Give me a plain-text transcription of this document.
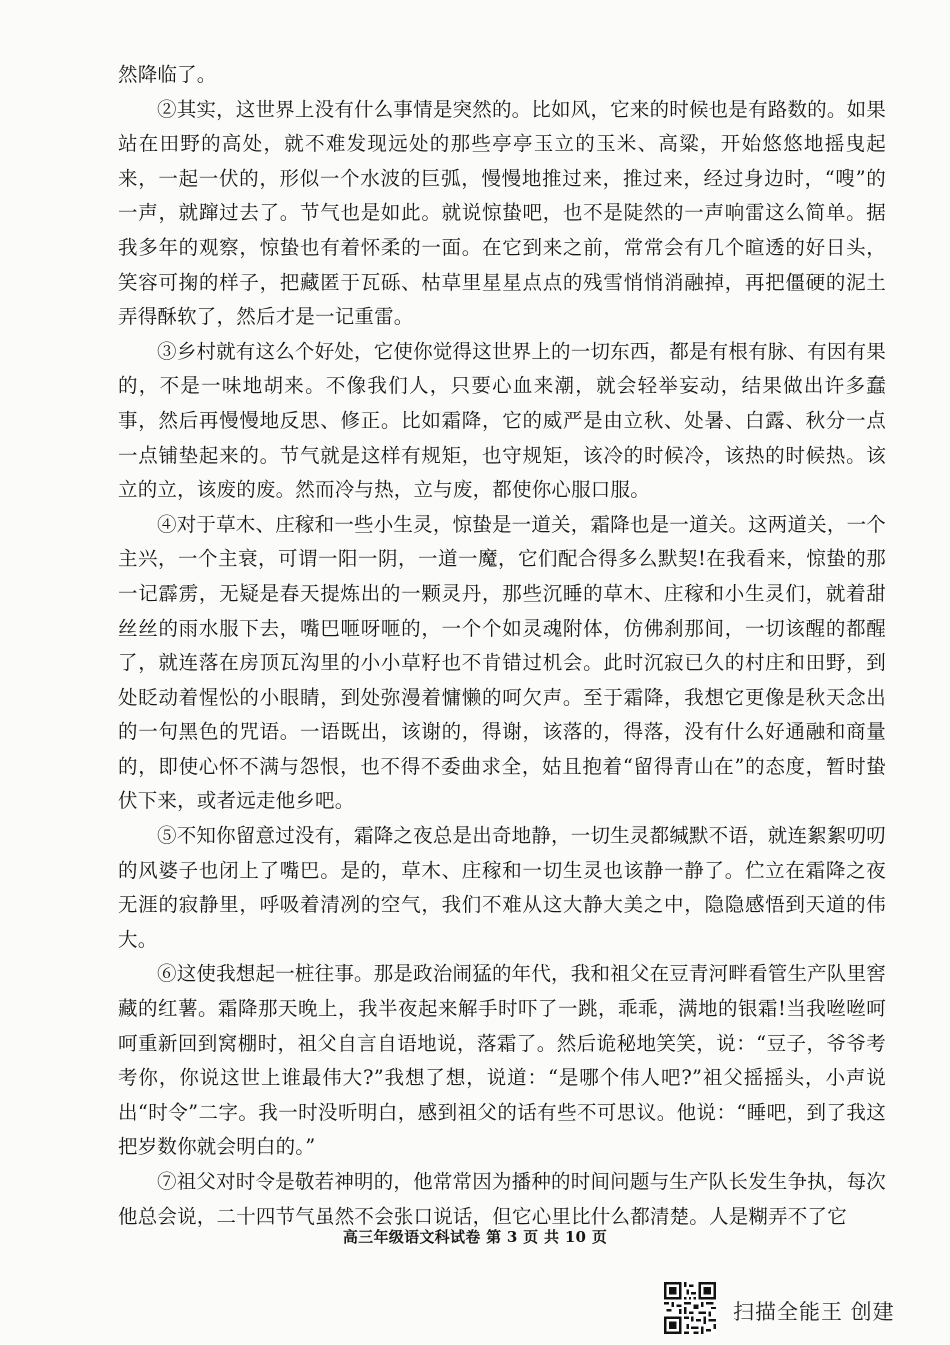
然降临了。

②其实，这世界上没有什么事情是突然的。比如风，它来的时候也是有路数的。如果站在田野的高处，就不难发现远处的那些亭亭玉立的玉米、高粱，开始悠悠地摇曳起来，一起一伏的，形似一个水波的巨弧，慢慢地推过来，推过来，经过身边时，“嗖”的一声，就蹿过去了。节气也是如此。就说惊蛰吧，也不是陡然的一声响雷这么简单。据我多年的观察，惊蛰也有着怀柔的一面。在它到来之前，常常会有几个暄透的好日头，笑容可掬的样子，把藏匿于瓦砾、枯草里星星点点的残雪悄悄消融掉，再把僵硬的泥土弄得酥软了，然后才是一记重雷。

③乡村就有这么个好处，它使你觉得这世界上的一切东西，都是有根有脉、有因有果的，不是一味地胡来。不像我们人，只要心血来潮，就会轻举妄动，结果做出许多蠢事，然后再慢慢地反思、修正。比如霜降，它的威严是由立秋、处暑、白露、秋分一点一点铺垫起来的。节气就是这样有规矩，也守规矩，该冷的时候冷，该热的时候热。该立的立，该废的废。然而冷与热，立与废，都使你心服口服。

④对于草木、庄稼和一些小生灵，惊蛰是一道关，霜降也是一道关。这两道关，一个主兴，一个主衰，可谓一阳一阴，一道一魔，它们配合得多么默契!在我看来，惊蛰的那一记霹雳，无疑是春天提炼出的一颗灵丹，那些沉睡的草木、庄稼和小生灵们，就着甜丝丝的雨水服下去，嘴巴咂呀咂的，一个个如灵魂附体，仿佛刹那间，一切该醒的都醒了，就连落在房顶瓦沟里的小小草籽也不肯错过机会。此时沉寂已久的村庄和田野，到处眨动着惺忪的小眼睛，到处弥漫着慵懒的呵欠声。至于霜降，我想它更像是秋天念出的一句黑色的咒语。一语既出，该谢的，得谢，该落的，得落，没有什么好通融和商量的，即使心怀不满与怨恨，也不得不委曲求全，姑且抱着“留得青山在”的态度，暂时蛰伏下来，或者远走他乡吧。

⑤不知你留意过没有，霜降之夜总是出奇地静，一切生灵都缄默不语，就连絮絮叨叨的风婆子也闭上了嘴巴。是的，草木、庄稼和一切生灵也该静一静了。伫立在霜降之夜无涯的寂静里，呼吸着清冽的空气，我们不难从这大静大美之中，隐隐感悟到天道的伟大。

⑥这使我想起一桩往事。那是政治闹猛的年代，我和祖父在豆青河畔看管生产队里窖藏的红薯。霜降那天晚上，我半夜起来解手时吓了一跳，乖乖，满地的银霜!当我咝咝呵呵重新回到窝棚时，祖父自言自语地说，落霜了。然后诡秘地笑笑，说：“豆子，爷爷考考你，你说这世上谁最伟大?”我想了想，说道：“是哪个伟人吧?”祖父摇摇头，小声说出“时令”二字。我一时没听明白，感到祖父的话有些不可思议。他说：“睡吧，到了我这把岁数你就会明白的。”

⑦祖父对时令是敬若神明的，他常常因为播种的时间问题与生产队长发生争执，每次他总会说，二十四节气虽然不会张口说话，但它心里比什么都清楚。人是糊弄不了它

高三年级语文科试卷 第 3 页 共 10 页
扫描全能王 创建
